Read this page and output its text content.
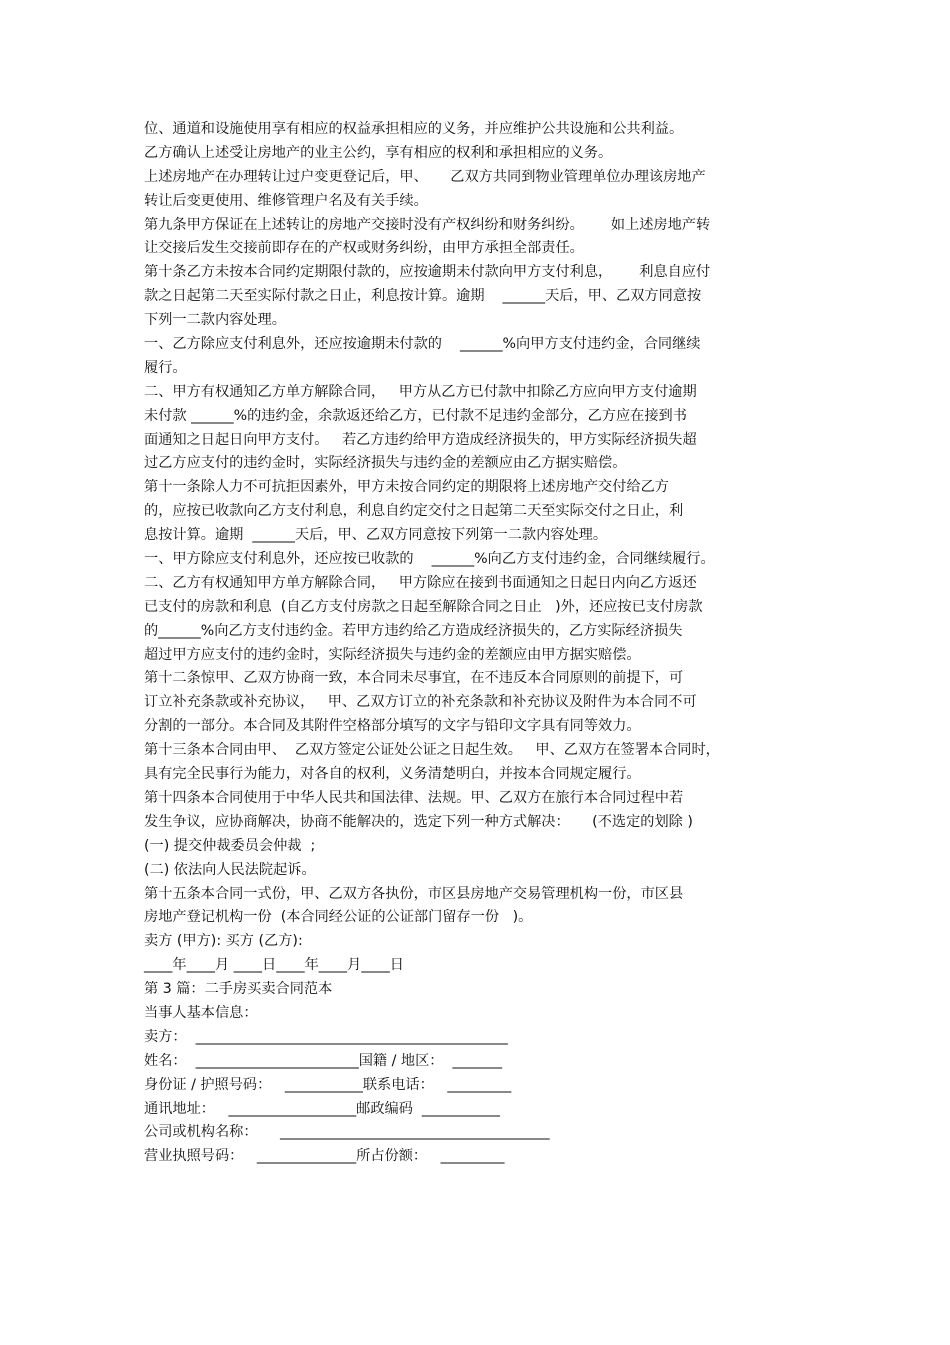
位、通道和设施使用享有相应的权益承担相应的义务，并应维护公共设施和公共利益。
乙方确认上述受让房地产的业主公约，享有相应的权利和承担相应的义务。
上述房地产在办理转让过户变更登记后，甲、     乙双方共同到物业管理单位办理该房地产
转让后变更使用、维修管理户名及有关手续。
第九条甲方保证在上述转让的房地产交接时没有产权纠纷和财务纠纷。      如上述房地产转
让交接后发生交接前即存在的产权或财务纠纷，由甲方承担全部责任。
第十条乙方未按本合同约定期限付款的，应按逾期未付款向甲方支付利息，      利息自应付
款之日起第二天至实际付款之日止，利息按计算。逾期    ______天后，甲、乙双方同意按
下列一二款内容处理。
一、乙方除应支付利息外，还应按逾期未付款的    ______%向甲方支付违约金，合同继续
履行。
二、甲方有权通知乙方单方解除合同，   甲方从乙方已付款中扣除乙方应向甲方支付逾期
未付款 ______%的违约金，余款返还给乙方，已付款不足违约金部分，乙方应在接到书
面通知之日起日向甲方支付。   若乙方违约给甲方造成经济损失的，甲方实际经济损失超
过乙方应支付的违约金时，实际经济损失与违约金的差额应由乙方据实赔偿。
第十一条除人力不可抗拒因素外，甲方未按合同约定的期限将上述房地产交付给乙方
的，应按已收款向乙方支付利息，利息自约定交付之日起第二天至实际交付之日止，利
息按计算。逾期  ______天后，甲、乙双方同意按下列第一二款内容处理。
一、甲方除应支付利息外，还应按已收款的    ______%向乙方支付违约金，合同继续履行。
二、乙方有权通知甲方单方解除合同，   甲方除应在接到书面通知之日起日内向乙方返还
已支付的房款和利息  (自乙方支付房款之日起至解除合同之日止   )外，还应按已支付房款
的______%向乙方支付违约金。若甲方违约给乙方造成经济损失的，乙方实际经济损失
超过甲方应支付的违约金时，实际经济损失与违约金的差额应由甲方据实赔偿。
第十二条惊甲、乙双方协商一致，本合同未尽事宜，在不违反本合同原则的前提下，可
订立补充条款或补充协议，   甲、乙双方订立的补充条款和补充协议及附件为本合同不可
分割的一部分。本合同及其附件空格部分填写的文字与铅印文字具有同等效力。
第十三条本合同由甲、  乙双方签定公证处公证之日起生效。   甲、乙双方在签署本合同时，
具有完全民事行为能力，对各自的权利，义务清楚明白，并按本合同规定履行。
第十四条本合同使用于中华人民共和国法律、法规。甲、乙双方在旅行本合同过程中若
发生争议，应协商解决，协商不能解决的，选定下列一种方式解决：     (不选定的划除 )
(一) 提交仲裁委员会仲裁  ;
(二) 依法向人民法院起诉。
第十五条本合同一式份，甲、乙双方各执份，市区县房地产交易管理机构一份，市区县
房地产登记机构一份  (本合同经公证的公证部门留存一份   )。
卖方 (甲方): 买方 (乙方):
____年____月 ____日____年____月____日
第 3 篇：二手房买卖合同范本
当事人基本信息：
卖方：  ____________________________________________
姓名：  _______________________国籍 / 地区：  _______
身份证 / 护照号码：   ___________联系电话：   _________
通讯地址：   __________________邮政编码  ___________
公司或机构名称：     ______________________________________
营业执照号码：   ______________所占份额：   _________
